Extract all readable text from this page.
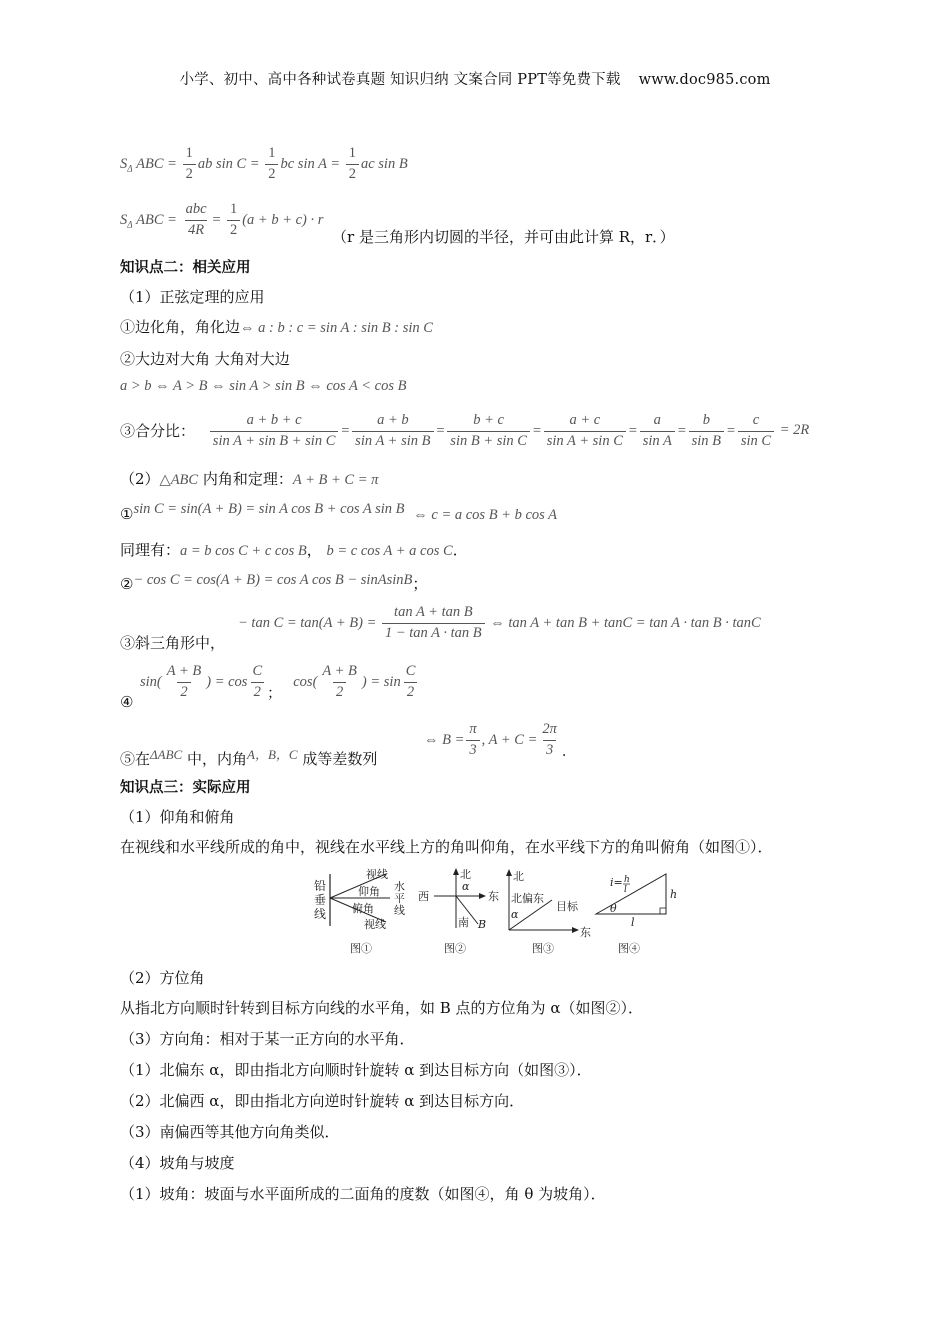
小学、初中、高中各种试卷真题 知识归纳 文案合同 PPT等免费下载 www.doc985.com
$S_\Delta$ ABC = $\frac{1}{2}$ ab $\sin C = \frac{1}{2}$ bc $\sin A = \frac{1}{2}$ ac sin B
$S_\Delta$ ABC = $\frac{\text{abc}}{4R} = \frac{1}{2} (a + b + c) \cdot r$
（r 是三角形内切圆的半径，并可由此计算 R，r．）
知识点二：相关应用
（1）正弦定理的应用
①边化角，角化边⇔ a : b : c = sin A : sin B : sin C
②大边对大角 大角对大边
a > b ⇔ A > B ⇔ sin A > sin B ⇔ cos A < cos B
③合分比： $\frac{a + b + c}{\text{sin A + sin B + sin C}} = \frac{a + b}{\text{sin A + sin B}} = \frac{b + c}{\text{sin B + sin C}} = \frac{a + c}{\text{sin A + sin C}} = \frac{a}{\text{sin A}} = \frac{b}{\text{sin B}} = \frac{c}{\text{sin C}} = 2R$
（2）△ABC 内角和定理：A + B + C = π
①sin C = sin(A + B) = sin A cos B + cos A sin B ⇔ c = a cos B + b cos A
同理有：a = b cos C + c cos B， b = c cos A + a cos C．
②− cos C = cos(A + B) = cos A cos B − sinAsinB；
③斜三角形中，
− $\tan C = \tan(A + B) = \frac{\text{tan A + tan B}}{\text{1 − tan A · tan B}}$ ⇔ tan A + tan B + tanC = tan A · tan B · tanC
④
$\sin( \frac{A + B}{2}$ ) = $\cos \frac{C}{2}$ ； $\cos( \frac{A + B}{2}$ ) = $\sin \frac{C}{2}$
⑤在ΔABC 中，内角A，B，C 成等差数列
⇔ $B = \frac{\pi}{3}$ , $A + C = \frac{2\pi}{3}$ ．
知识点三：实际应用
（1）仰角和俯角
在视线和水平线所成的角中，视线在水平线上方的角叫仰角，在水平线下方的角叫俯角（如图①）．
铅
垂
线
视线
仰角
俯角
视线
水
平
线
图①
北
α
西	东
南 B
图②
北
北偏东
目标
α
东
图③
i= h
l	h
θ
l
图④
（2）方位角
从指北方向顺时针转到目标方向线的水平角，如 B 点的方位角为 α（如图②）．
（3）方向角：相对于某一正方向的水平角．
（1）北偏东 α，即由指北方向顺时针旋转 α 到达目标方向（如图③）．
（2）北偏西 α，即由指北方向逆时针旋转 α 到达目标方向．
（3）南偏西等其他方向角类似．
（4）坡角与坡度
（1）坡角：坡面与水平面所成的二面角的度数（如图④，角 θ 为坡角）．
